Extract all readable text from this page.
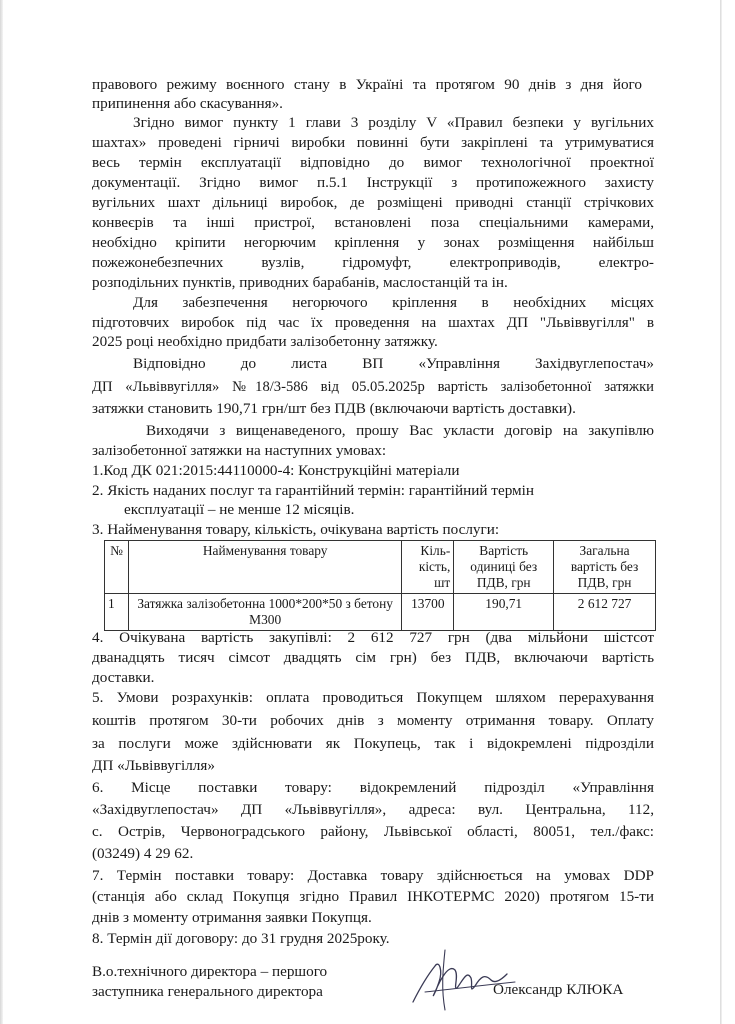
правового режиму воєнного стану в Україні та протягом 90 днів з дня його
припинення або скасування».
Згідно вимог пункту 1 глави 3 розділу V «Правил безпеки у вугільних
шахтах» проведені гірничі виробки повинні бути закріплені та утримуватися
весь термін експлуатації відповідно до вимог технологічної проектної
документації. Згідно вимог п.5.1 Інструкції з протипожежного захисту
вугільних шахт дільниці виробок, де розміщені приводні станції стрічкових
конвеєрів та інші пристрої, встановлені поза спеціальними камерами,
необхідно кріпити негорючим кріплення у зонах розміщення найбільш
пожежонебезпечних вузлів, гідромуфт, електроприводів, електро-
розподільних пунктів, приводних барабанів, маслостанцій та ін.
Для забезпечення негорючого кріплення в необхідних місцях
підготовчих виробок під час їх проведення на шахтах ДП "Львіввугілля" в
2025 році необхідно придбати залізобетонну затяжку.
Відповідно до листа ВП «Управління Західвуглепостач»
ДП «Львіввугілля» №18/3-586 від 05.05.2025р вартість залізобетонної затяжки
затяжки становить 190,71 грн/шт без ПДВ (включаючи вартість доставки).
Виходячи з вищенаведеного, прошу Вас укласти договір на закупівлю
залізобетонної затяжки на наступних умовах:
1.Код ДК 021:2015:44110000-4: Конструкційні матеріали
2. Якість наданих послуг та гарантійний термін: гарантійний термін
експлуатації – не менше 12 місяців.
3. Найменування товару, кількість, очікувана вартість послуги:
№	Найменування товару	Кіль-кість, шт	Вартість одиниці без ПДВ, грн	Загальна вартість без ПДВ, грн
1	Затяжка залізобетонна 1000*200*50 з бетону М300	13700	190,71	2 612 727
4. Очікувана вартість закупівлі: 2 612 727 грн (два мільйони шістсот
дванадцять тисяч сімсот двадцять сім грн) без ПДВ, включаючи вартість
доставки.
5. Умови розрахунків: оплата проводиться Покупцем шляхом перерахування
коштів протягом 30-ти робочих днів з моменту отримання товару. Оплату
за послуги може здійснювати як Покупець, так і відокремлені підрозділи
ДП «Львіввугілля»
6. Місце поставки товару: відокремлений підрозділ «Управління
«Західвуглепостач» ДП «Львіввугілля», адреса: вул. Центральна, 112,
с. Острів, Червоноградського району, Львівської області, 80051, тел./факс:
(03249) 4 29 62.
7. Термін поставки товару: Доставка товару здійснюється на умовах DDP
(станція або склад Покупця згідно Правил ІНКОТЕРМС 2020) протягом 15-ти
днів з моменту отримання заявки Покупця.
8. Термін дії договору: до 31 грудня 2025року.
В.о.технічного директора – першого
заступника генерального директора	Олександр КЛЮКА
